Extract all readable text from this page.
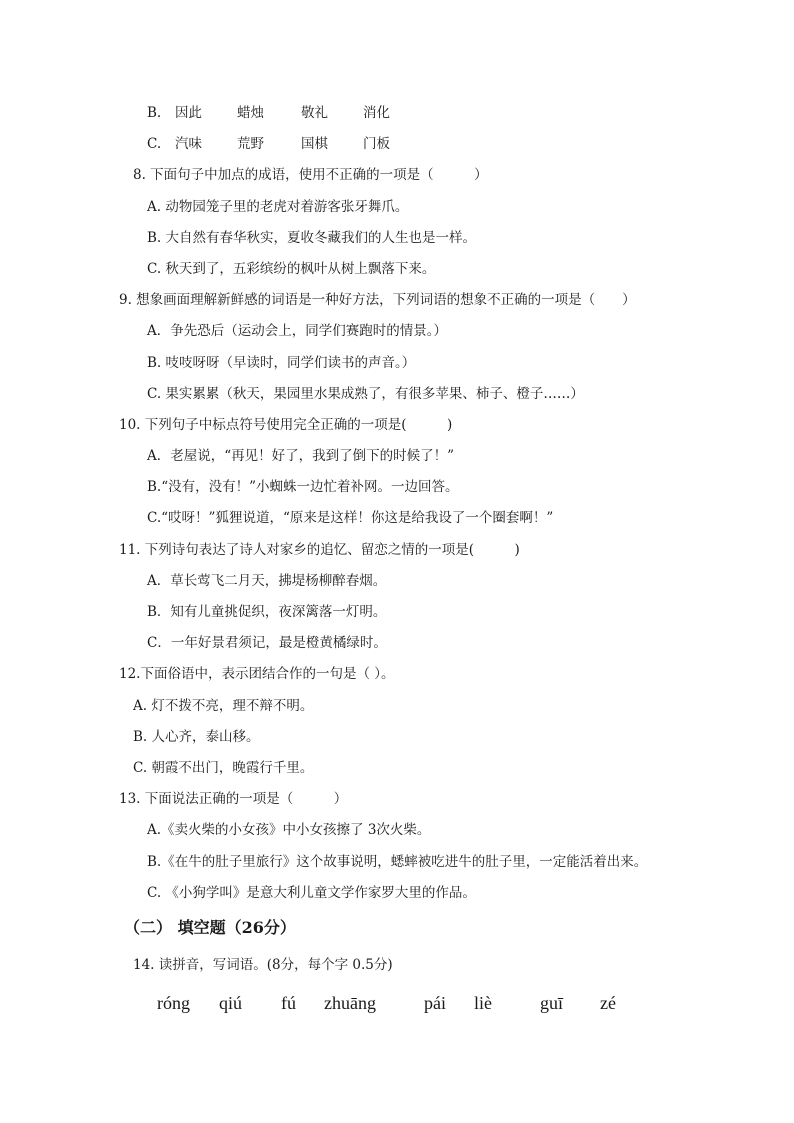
B. 因此	蜡烛	敬礼	消化
C. 汽味	荒野	国棋	门板
8. 下面句子中加点的成语，使用不正确的一项是（　　　）
A. 动物园笼子里的老虎对着游客张牙舞爪。
B. 大自然有春华秋实，夏收冬藏我们的人生也是一样。
C. 秋天到了，五彩缤纷的枫叶从树上飘落下来。
9. 想象画面理解新鲜感的词语是一种好方法，下列词语的想象不正确的一项是（　　）
A．争先恐后（运动会上，同学们赛跑时的情景。）
B. 吱吱呀呀（早读时，同学们读书的声音。）
C. 果实累累（秋天，果园里水果成熟了，有很多苹果、柿子、橙子……）
10. 下列句子中标点符号使用完全正确的一项是(　　　)
A．老屋说，“再见！好了，我到了倒下的时候了！”
B.“没有，没有！”小蜘蛛一边忙着补网。一边回答。
C.“哎呀！”狐狸说道，“原来是这样！你这是给我设了一个圈套啊！”
11. 下列诗句表达了诗人对家乡的追忆、留恋之情的一项是(　　　)
A．草长莺飞二月天，拂堤杨柳醉春烟。
B．知有儿童挑促织，夜深篱落一灯明。
C．一年好景君须记，最是橙黄橘绿时。
12.下面俗语中，表示团结合作的一句是（ ）。
A. 灯不拨不亮，理不辩不明。
B. 人心齐，泰山移。
C. 朝霞不出门，晚霞行千里。
13. 下面说法正确的一项是（　　　）
A.《卖火柴的小女孩》中小女孩擦了 3次火柴。
B.《在牛的肚子里旅行》这个故事说明，蟋蟀被吃进牛的肚子里，一定能活着出来。
C. 《小狗学叫》是意大利儿童文学作家罗大里的作品。
（二） 填空题（26分）
14. 读拼音，写词语。(8分，每个字 0.5分)
róng qiú fú zhuāng	pái liè	guī zé
